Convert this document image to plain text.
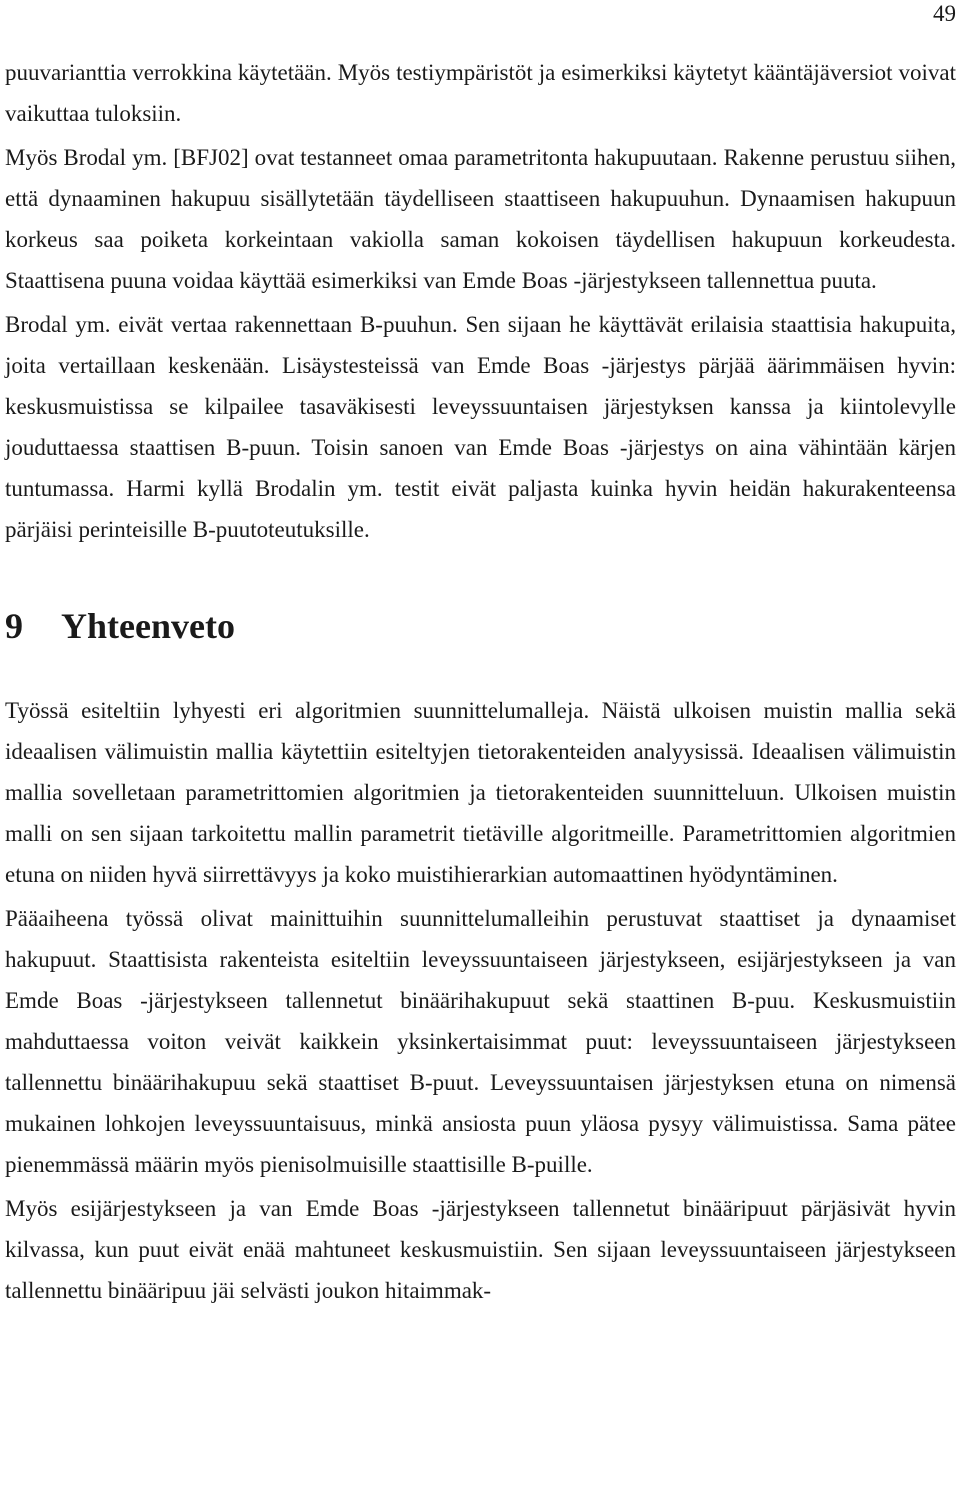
49

puuvarianttia verrokkina käytetään. Myös testiympäristöt ja esimerkiksi käytetyt kääntäjäversiot voivat vaikuttaa tuloksiin.

Myös Brodal ym. [BFJ02] ovat testanneet omaa parametritonta hakupuutaan. Rakenne perustuu siihen, että dynaaminen hakupuu sisällytetään täydelliseen staattiseen hakupuuhun. Dynaamisen hakupuun korkeus saa poiketa korkeintaan vakiolla saman kokoisen täydellisen hakupuun korkeudesta. Staattisena puuna voidaa käyttää esimerkiksi van Emde Boas -järjestykseen tallennettua puuta.

Brodal ym. eivät vertaa rakennettaan B-puuhun. Sen sijaan he käyttävät erilaisia staattisia hakupuita, joita vertaillaan keskenään. Lisäystesteissä van Emde Boas -järjestys pärjää äärimmäisen hyvin: keskusmuistissa se kilpailee tasaväkisesti leveyssuuntaisen järjestyksen kanssa ja kiintolevylle jouduttaessa staattisen B-puun. Toisin sanoen van Emde Boas -järjestys on aina vähintään kärjen tuntumassa. Harmi kyllä Brodalin ym. testit eivät paljasta kuinka hyvin heidän hakurakenteensa pärjäisi perinteisille B-puutoteutuksille.

9 Yhteenveto

Työssä esiteltiin lyhyesti eri algoritmien suunnittelumalleja. Näistä ulkoisen muistin mallia sekä ideaalisen välimuistin mallia käytettiin esiteltyjen tietorakenteiden analyysissä. Ideaalisen välimuistin mallia sovelletaan parametrittomien algoritmien ja tietorakenteiden suunnitteluun. Ulkoisen muistin malli on sen sijaan tarkoitettu mallin parametrit tietäville algoritmeille. Parametrittomien algoritmien etuna on niiden hyvä siirrettävyys ja koko muistihierarkian automaattinen hyödyntäminen.

Pääaiheena työssä olivat mainittuihin suunnittelumalleihin perustuvat staattiset ja dynaamiset hakupuut. Staattisista rakenteista esiteltiin leveyssuuntaiseen järjestykseen, esijärjestykseen ja van Emde Boas -järjestykseen tallennetut binäärihakupuut sekä staattinen B-puu. Keskusmuistiin mahduttaessa voiton veivät kaikkein yksinkertaisimmat puut: leveyssuuntaiseen järjestykseen tallennettu binäärihakupuu sekä staattiset B-puut. Leveyssuuntaisen järjestyksen etuna on nimensä mukainen lohkojen leveyssuuntaisuus, minkä ansiosta puun yläosa pysyy välimuistissa. Sama pätee pienemmässä määrin myös pienisolmuisille staattisille B-puille.

Myös esijärjestykseen ja van Emde Boas -järjestykseen tallennetut binääripuut pärjäsivät hyvin kilvassa, kun puut eivät enää mahtuneet keskusmuistiin. Sen sijaan leveyssuuntaiseen järjestykseen tallennettu binääripuu jäi selvästi joukon hitaimmak-
